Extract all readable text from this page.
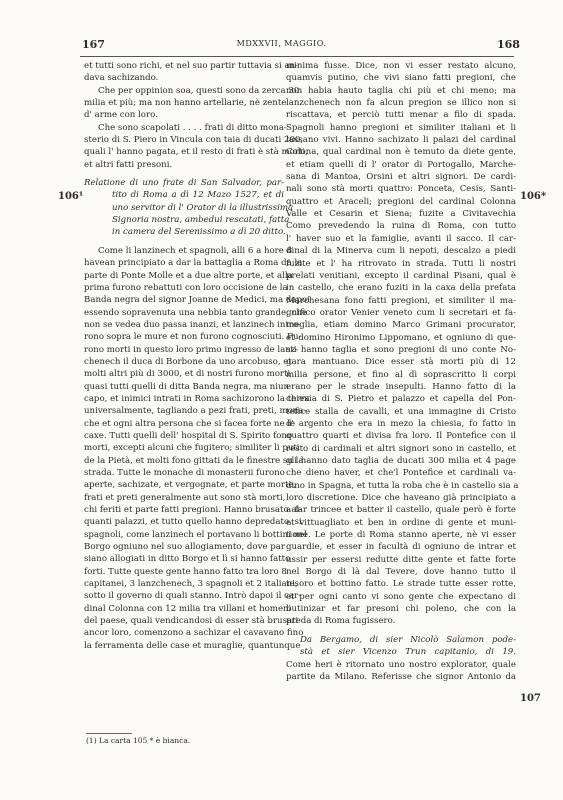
167	MDXXVII, MAGGIO.	168
et tutti sono richi, et nel suo partir tuttavia si an-
dava sachizando.
Che per oppinion soa, questi sono da zerca 30
milia et più; ma non hanno artellarie, nè zente
d' arme con loro.
Che sono scapolati . . . . frati di ditto mona-
sterio di S. Piero in Vincula con taia di ducati 200,
quali l' hanno pagata, et il resto di frati è stà morti,
et altri fatti presoni.
Relatione di uno frate di San Salvador, par-
tito di Roma a dì 12 Mazo 1527, et di
uno servitor di l' Orator di la illustrissima
Signoria nostra, ambedui rescatati, fatta
in camera del Serenissimo a dì 20 ditto.
Come li lanzinech et spagnoli, alli 6 a hore 8
havean principiato a dar la battaglia a Roma da la
parte di Ponte Molle et a due altre porte, et alla
prima furono rebattuti con loro occisione de la
Banda negra del signor Joanne de Medici, ma dapoi
essendo sopravenuta una nebbia tanto grande, che
non se vedea duo passa inanzi, et lanzinech intro-
rono sopra le mure et non furono cognosciuti. Fu-
rono morti in questo loro primo ingresso de lanz-
chenech il duca di Borbone da uno arcobuso, et
molti altri più di 3000, et di nostri furono morti
quasi tutti quelli di ditta Banda negra, ma niun
capo, et inimici intrati in Roma sachizorono la terra
universalmente, tagliando a pezi frati, preti, mona-
che et ogni altra persona che si facea forte ne le
caxe. Tutti quelli dell' hospital di S. Spirito fono
morti, excepti alcuni che fugitero; similiter li puti
de la Pietà, et molti fono gittati da le finestre su la
strada. Tutte le monache di monasterii furono
aperte, sachizate, et vergognate, et parte morte;
frati et preti generalmente aut sono stà morti,
chi feriti et parte fatti pregioni. Hanno brusato al-
quanti palazzi, et tutto quello hanno depredato, si
spagnoli, come lanzinech el portavano li bottini nel
Borgo ogniuno nel suo allogiamento, dove par
siano allogiati in ditto Borgo et lì si hanno fatto
forti. Tutte queste gente hanno fatto tra loro 8
capitanei, 3 lanzchenech, 3 spagnoli et 2 italiani,
sotto il governo di quali stanno. Intrò dapoi il car-
dinal Colonna con 12 milia tra villani et homeni
del paese, quali vendicandosi di esser stà brusati
ancor loro, comenzono a sachizar el cavavano fino
la ferramenta delle case et muraglie, quantunque
minima fusse. Dice, non vi esser restato alcuno,
quamvis putino, che vivi siano fatti pregioni, che
non habia hauto taglia chi più et chi meno; ma
lanzchenech non fa alcun pregion se illico non si
riscattava, et perciò tutti menar a filo di spada.
Spagnoli hanno pregioni et similiter italiani et li
lassano vivi. Hanno sachizato li palazi del cardinal
Colona, qual cardinal non è temuto da diete gente,
et etiam quelli di l' orator di Portogallo, Marche-
sana di Mantoa, Orsini et altri signori. De cardi-
nali sono stà morti quattro: Ponceta, Cesis, Santi-
quattro et Araceli; pregioni del cardinal Colonna
Valle et Cesarin et Siena; fuzite a Civitavechia
Como prevedendo la ruina di Roma, con tutto
l' haver suo et la famiglie, avanti il sacco. Il car-
dinal di la Minerva cum li nepoti, descalzo a piedi
fuzite et l' ha ritrovato in strada. Tutti li nostri
prelati venitiani, excepto il cardinal Pisani, qual è
in castello, che erano fuziti in la caxa della prefata
Marchesana fono fatti pregioni, et similiter il ma-
gnifico orator Venier veneto cum li secretari et fa-
meglia, etiam domino Marco Grimani procurator,
et domino Hironimo Lippomano, et ogniuno di que-
sti hanno taglia et sono pregioni di uno conte No-
gara mantuano. Dice esser stà morti più di 12
milia persone, et fino al dì soprascritto li corpi
erano per le strade insepulti. Hanno fatto di la
chiexia di S. Pietro et palazzo et capella del Pon-
tefice stalla de cavalli, et una immagine di Cristo
d' argento che era in mezo la chiesia, fo fatto in
quattro quarti et divisa fra loro. Il Pontefice con il
resto di cardinali et altri signori sono in castello, et
gli hanno dato taglia de ducati 300 milia et 4 page
che dieno haver, et che'l Pontefice et cardinali va-
dino in Spagna, et tutta la roba che è in castello sia a
loro discretione. Dice che haveano già principiato a
a far trincee et batter il castello, quale però è forte
et vittuagliato et ben in ordine di gente et muni-
tione. Le porte di Roma stanno aperte, nè vi esser
guardie, et esser in facultà di ogniuno de intrar et
ussir per essersi redutte ditte gente et fatte forte
nel Borgo di là dal Tevere, dove hanno tutto il
tesoro et bottino fatto. Le strade tutte esser rotte,
et per ogni canto vi sono gente che expectano di
butinizar et far presoni chi poleno, che con la
preda di Roma fugissero.
Da Bergamo, di sier Nicolò Salamon pode-
stà et sier Vicenzo Trun capitanio, di 19.
Come heri è ritornato uno nostro explorator, quale
partite da Milano. Referisse che signor Antonio da
106¹	106*
107
(1) La carta 105 * è bianca.
